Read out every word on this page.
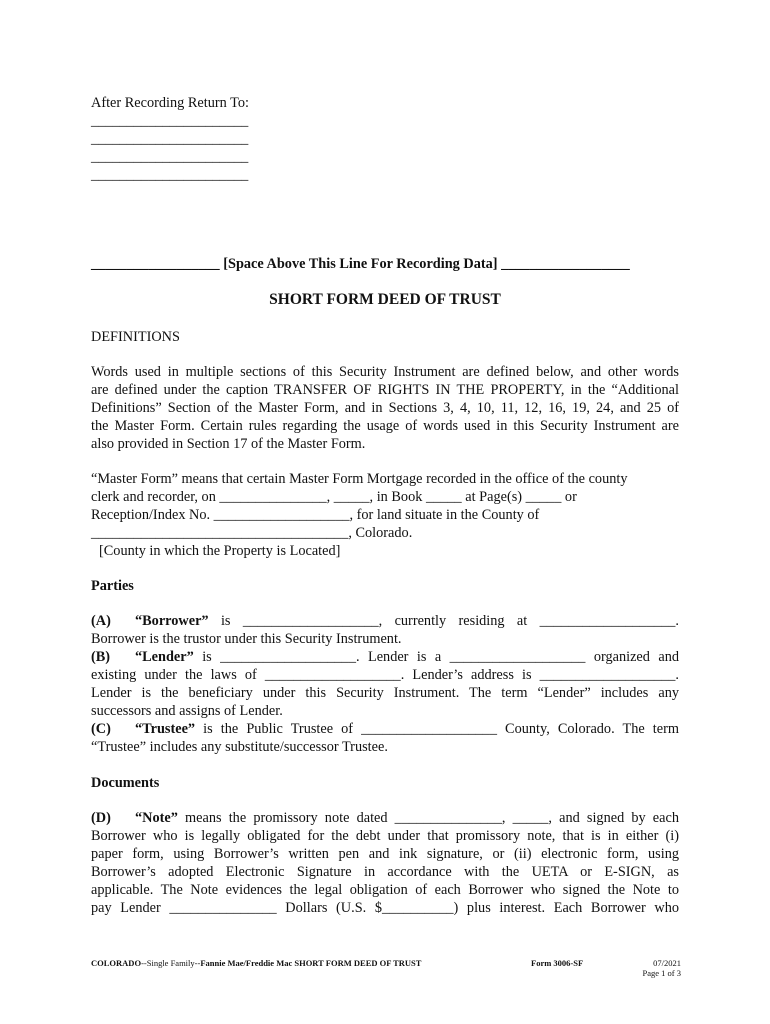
After Recording Return To:
______________________
______________________
______________________
______________________
__________________ [Space Above This Line For Recording Data] __________________
SHORT FORM DEED OF TRUST
DEFINITIONS
Words used in multiple sections of this Security Instrument are defined below, and other words
are defined under the caption TRANSFER OF RIGHTS IN THE PROPERTY, in the “Additional
Definitions” Section of the Master Form, and in Sections 3, 4, 10, 11, 12, 16, 19, 24, and 25 of
the Master Form. Certain rules regarding the usage of words used in this Security Instrument are
also provided in Section 17 of the Master Form.
“Master Form” means that certain Master Form Mortgage recorded in the office of the county
clerk and recorder, on _______________, _____, in Book _____ at Page(s) _____ or
Reception/Index No. ___________________, for land situate in the County of
____________________________________, Colorado.
[County in which the Property is Located]
Parties
(A) “Borrower” is ___________________, currently residing at ___________________.
Borrower is the trustor under this Security Instrument.
(B) “Lender” is ___________________. Lender is a ___________________ organized and
existing under the laws of ___________________. Lender’s address is ___________________.
Lender is the beneficiary under this Security Instrument. The term “Lender” includes any
successors and assigns of Lender.
(C) “Trustee” is the Public Trustee of ___________________ County, Colorado. The term
“Trustee” includes any substitute/successor Trustee.
Documents
(D) “Note” means the promissory note dated _______________, _____, and signed by each
Borrower who is legally obligated for the debt under that promissory note, that is in either (i)
paper form, using Borrower’s written pen and ink signature, or (ii) electronic form, using
Borrower’s adopted Electronic Signature in accordance with the UETA or E-SIGN, as
applicable. The Note evidences the legal obligation of each Borrower who signed the Note to
pay Lender _______________ Dollars (U.S. $__________) plus interest. Each Borrower who
COLORADO--Single Family--Fannie Mae/Freddie Mac SHORT FORM DEED OF TRUST	Form 3006-SF	07/2021
Page 1 of 3
